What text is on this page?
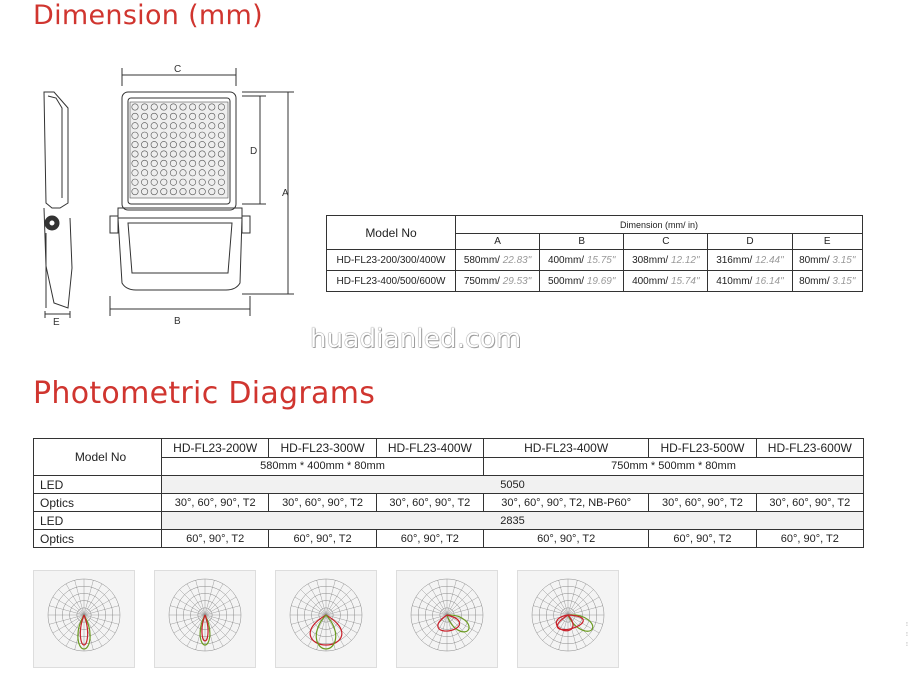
Dimension (mm)
C
D
A
B
E
Model No	Dimension (mm/ in)				
	A	B	C	D	E
HD-FL23-200/300/400W	580mm/ 22.83"	400mm/ 15.75"	308mm/ 12.12"	316mm/ 12.44"	80mm/ 3.15"
HD-FL23-400/500/600W	750mm/ 29.53"	500mm/ 19.69"	400mm/ 15.74"	410mm/ 16.14"	80mm/ 3.15"
huadianled.com
Photometric Diagrams
Model No	HD-FL23-200W	HD-FL23-300W	HD-FL23-400W	HD-FL23-400W	HD-FL23-500W	HD-FL23-600W
	580mm * 400mm * 80mm			750mm * 500mm * 80mm		
LED	5050					
Optics	30°, 60°, 90°, T2	30°, 60°, 90°, T2	30°, 60°, 90°, T2	30°, 60°, 90°, T2, NB-P60°	30°, 60°, 90°, T2	30°, 60°, 90°, T2
LED	2835					
Optics	60°, 90°, T2	60°, 90°, T2	60°, 90°, T2	60°, 90°, T2	60°, 90°, T2	60°, 90°, T2
⁝
⁝
⁝
